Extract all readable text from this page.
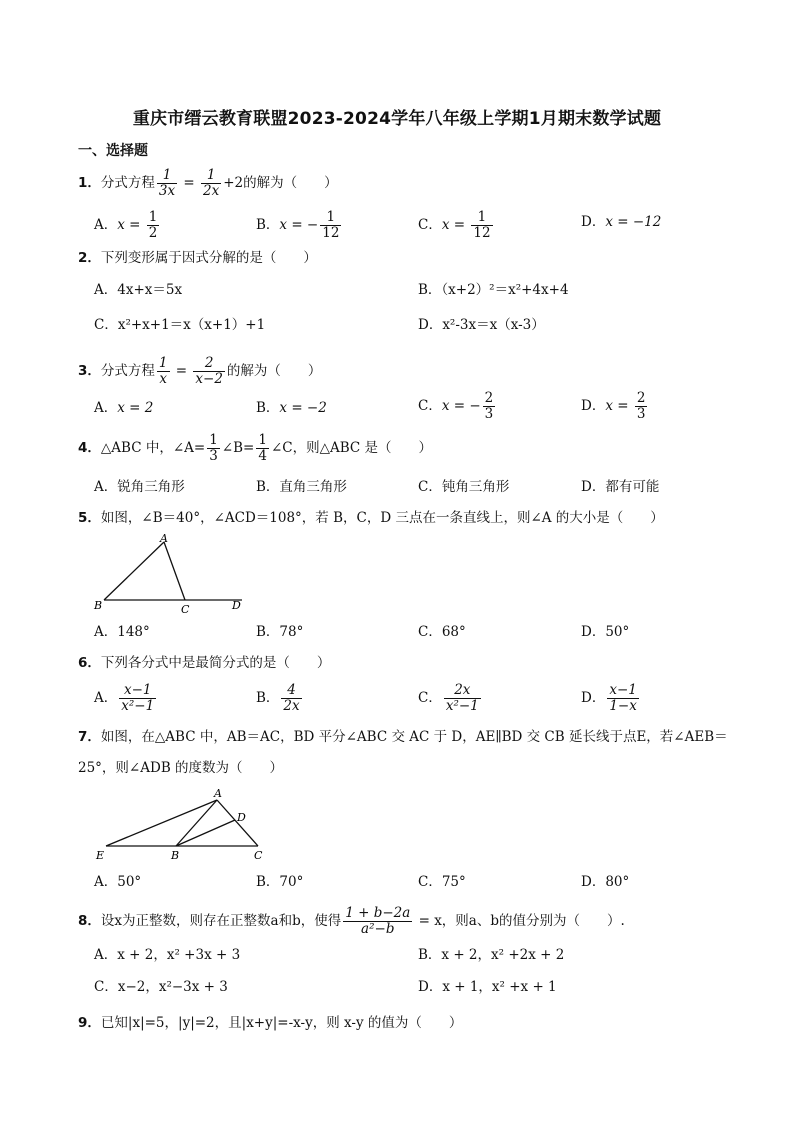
重庆市缙云教育联盟2023-2024学年八年级上学期1月期末数学试题
一、选择题
1．分式方程 $\frac{1}{3x} = \frac{1}{2x} +2$的解为（　　）
A．$x = \frac{1}{2}$	B．x = − $\frac{1}{12}$	C．$x = \frac{1}{12}$	D．x = −12
2．下列变形属于因式分解的是（　　）
A．4x+x＝5x	B．（x+2）²＝x²+4x+4
C．x²+x+1＝x（x+1）+1	D．x²-3x＝x（x-3）
3．分式方程 $\frac{1}{x} = \frac{2}{x-2}$ 的解为（　　）
A．x = 2	B．x = −2	C．x = − $\frac{2}{3}$	D．$x = \frac{2}{3}$
4．△ABC 中，∠A= $\frac{1}{3}$ ∠B= $\frac{1}{4}$ ∠C，则△ABC 是（　　）
A．锐角三角形	B．直角三角形	C．钝角三角形	D．都有可能
5．如图，∠B＝40°，∠ACD＝108°，若 B，C，D 三点在一条直线上，则∠A 的大小是（　　）
A
B	C	D
A．148°	B．78°	C．68°	D．50°
6．下列各分式中是最简分式的是（　　）
A． $\frac{x-1}{\text{x²−1}}$	B． $\frac{4}{2x}$	C． $\frac{2x}{\text{x²−1}}$	D． $\frac{x-1}{1-x}$
7．如图，在△ABC 中，AB＝AC，BD 平分∠ABC 交 AC 于 D，AE∥BD 交 CB 延长线于点E，若∠AEB＝
25°，则∠ADB 的度数为（　　）
A
D
E	B	C
A．50°	B．70°	C．75°	D．80°
8．设x为正整数，则存在正整数a和b，使得 $\frac{1 + b-2a}{\text{a²−b}} = x$，则a、b的值分别为（　　）.
A．x + 2，x² +3x + 3	B．x + 2，x² +2x + 2
C．x−2，x²−3x + 3	D．x + 1，x² +x + 1
9．已知|x|=5，|y|=2，且|x+y|=-x-y，则 x-y 的值为（　　）
